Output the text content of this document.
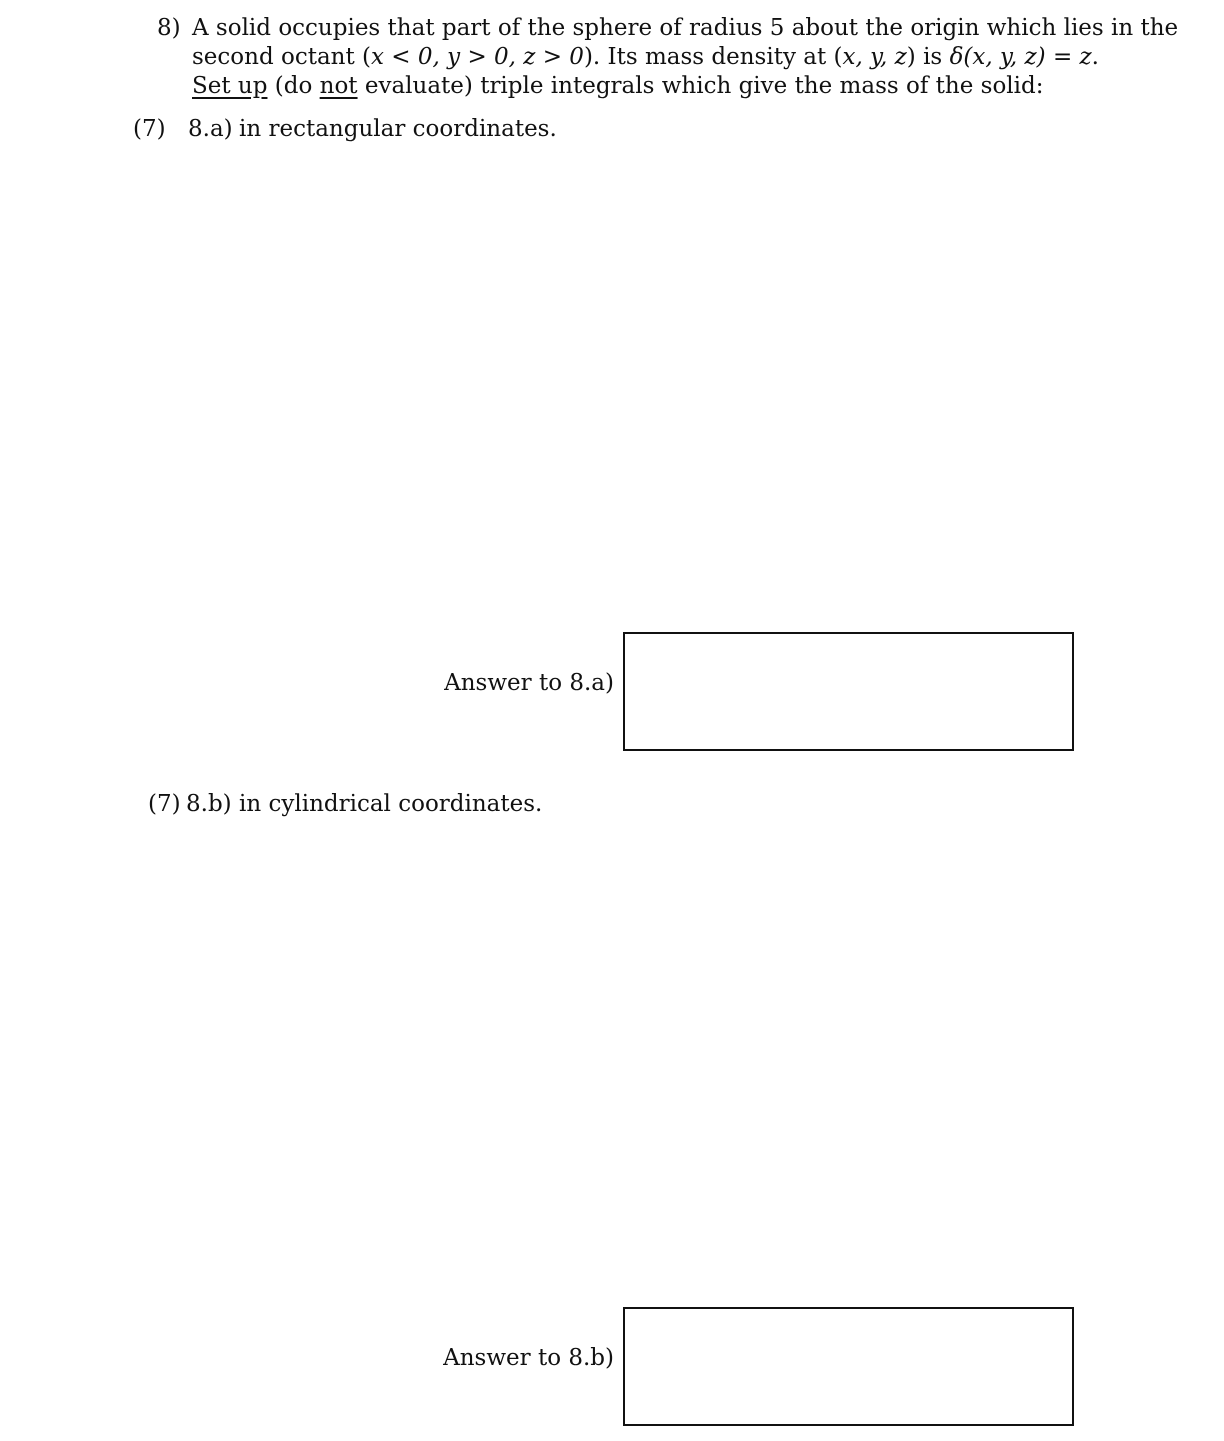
8) A solid occupies that part of the sphere of radius 5 about the origin which lies in the
second octant (x < 0, y > 0, z > 0). Its mass density at (x, y, z) is δ(x, y, z) = z.
Set up (do not evaluate) triple integrals which give the mass of the solid:
(7) 8.a) in rectangular coordinates.
Answer to 8.a)
(7) 8.b) in cylindrical coordinates.
Answer to 8.b)
